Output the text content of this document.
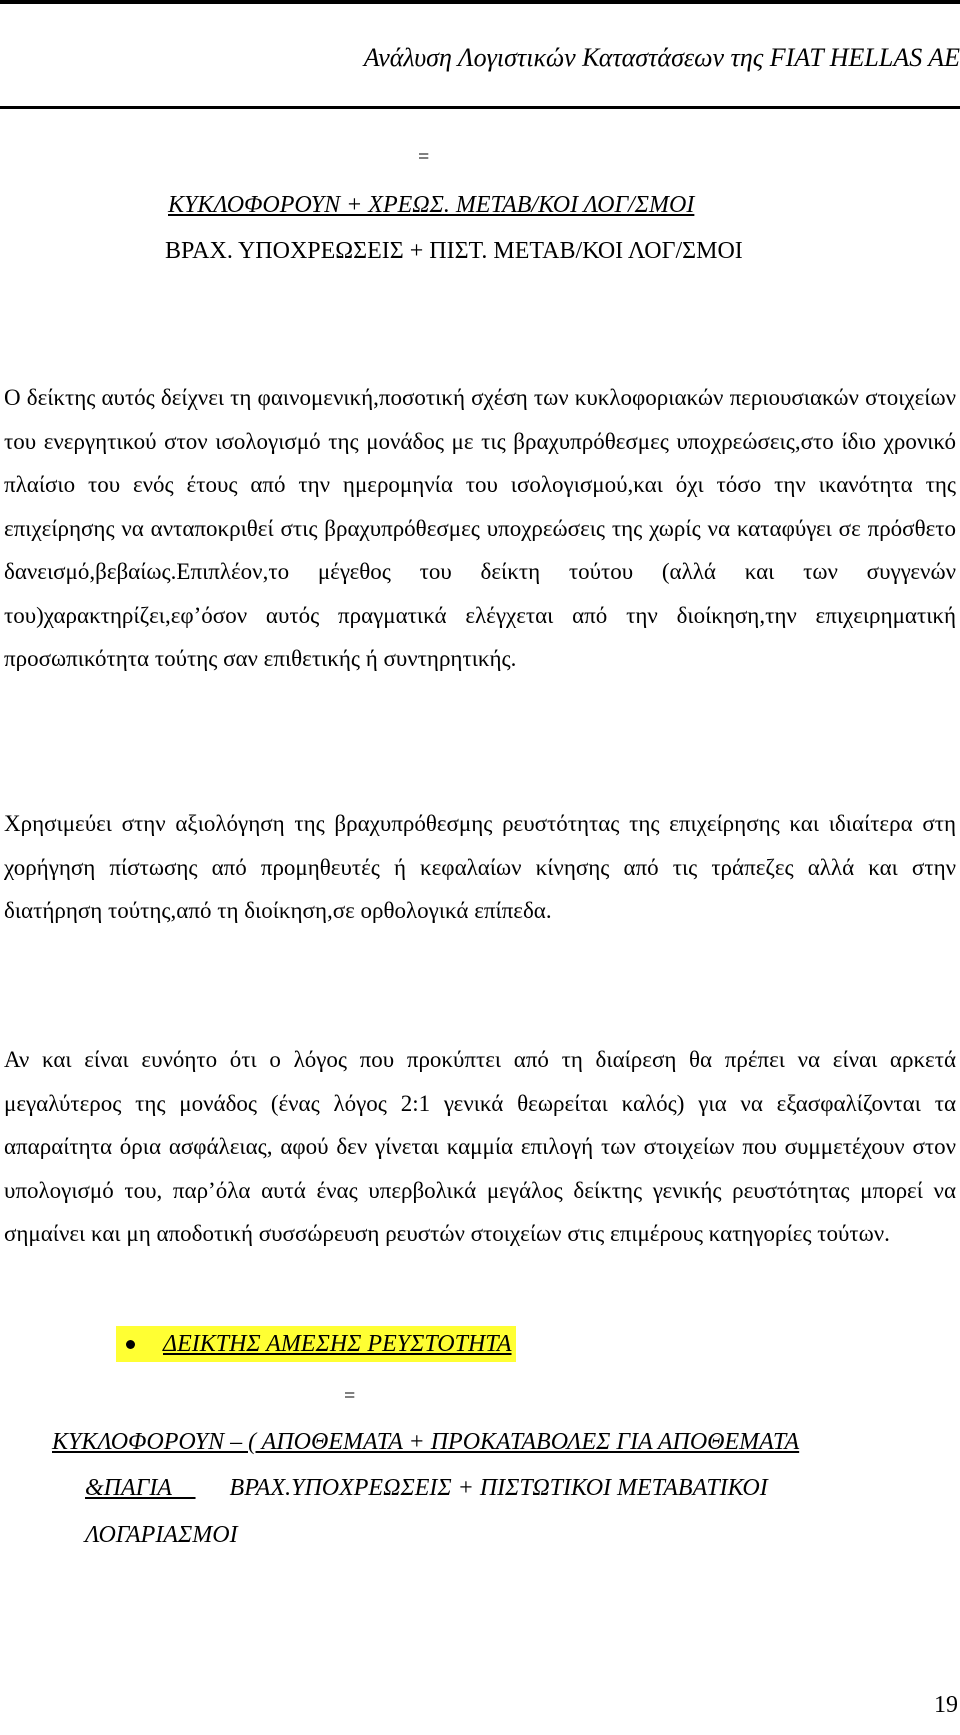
Ανάλυση Λογιστικών Καταστάσεων της FIAT HELLAS AE
=
ΚΥΚΛΟΦΟΡΟΥΝ + ΧΡΕΩΣ. ΜΕΤΑΒ/ΚΟΙ ΛΟΓ/ΣΜΟΙ
ΒΡΑΧ. ΥΠΟΧΡΕΩΣΕΙΣ + ΠΙΣΤ. ΜΕΤΑΒ/ΚΟΙ ΛΟΓ/ΣΜΟΙ

Ο δείκτης αυτός δείχνει τη φαινομενική,ποσοτική σχέση των κυκλοφοριακών περιουσιακών στοιχείων του ενεργητικού στον ισολογισμό της μονάδος με τις βραχυπρόθεσμες υποχρεώσεις,στο ίδιο χρονικό πλαίσιο του ενός έτους από την ημερομηνία του ισολογισμού,και όχι τόσο την ικανότητα της επιχείρησης να ανταποκριθεί στις βραχυπρόθεσμες υποχρεώσεις της χωρίς να καταφύγει σε πρόσθετο δανεισμό,βεβαίως.Επιπλέον,το μέγεθος του δείκτη τούτου (αλλά και των συγγενών του)χαρακτηρίζει,εφ’όσον αυτός πραγματικά ελέγχεται από την διοίκηση,την επιχειρηματική προσωπικότητα τούτης σαν επιθετικής ή συντηρητικής.

Χρησιμεύει στην αξιολόγηση της βραχυπρόθεσμης ρευστότητας της επιχείρησης και ιδιαίτερα στη χορήγηση πίστωσης από προμηθευτές ή κεφαλαίων κίνησης από τις τράπεζες αλλά και στην διατήρηση τούτης,από τη διοίκηση,σε ορθολογικά επίπεδα.

Αν και είναι ευνόητο ότι ο λόγος που προκύπτει από τη διαίρεση θα πρέπει να είναι αρκετά μεγαλύτερος της μονάδος (ένας λόγος 2:1 γενικά θεωρείται καλός) για να εξασφαλίζονται τα απαραίτητα όρια ασφάλειας, αφού δεν γίνεται καμμία επιλογή των στοιχείων που συμμετέχουν στον υπολογισμό του, παρ’όλα αυτά ένας υπερβολικά μεγάλος δείκτης γενικής ρευστότητας μπορεί να σημαίνει και μη αποδοτική συσσώρευση ρευστών στοιχείων στις επιμέρους κατηγορίες τούτων.

ΔΕΙΚΤΗΣ ΑΜΕΣΗΣ ΡΕΥΣΤΟΤΗΤΑ
=
ΚΥΚΛΟΦΟΡΟΥΝ – ( ΑΠΟΘΕΜΑΤΑ + ΠΡΟΚΑΤΑΒΟΛΕΣ ΓΙΑ ΑΠΟΘΕΜΑΤΑ
&ΠΑΓΙΑ    ΒΡΑΧ.ΥΠΟΧΡΕΩΣΕΙΣ + ΠΙΣΤΩΤΙΚΟΙ ΜΕΤΑΒΑΤΙΚΟΙ
ΛΟΓΑΡΙΑΣΜΟΙ
19
